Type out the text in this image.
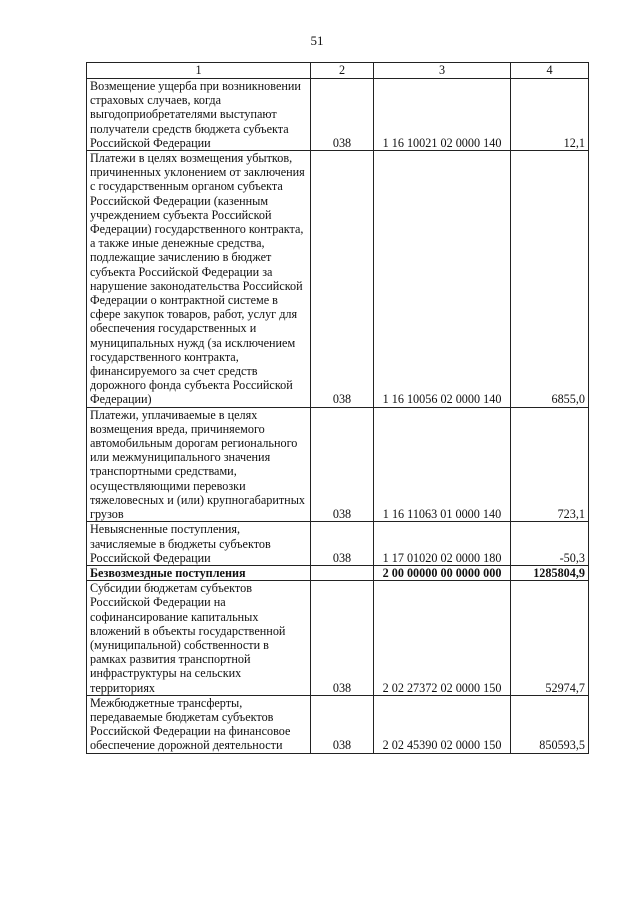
51
1	2	3	4
Возмещение ущерба при возникновении страховых случаев, когда выгодоприобретателями выступают получатели средств бюджета субъекта Российской Федерации	038	1 16 10021 02 0000 140	12,1
Платежи в целях возмещения убытков, причиненных уклонением от заключения с государственным органом субъекта Российской Федерации (казенным учреждением субъекта Российской Федерации) государственного контракта, а также иные денежные средства, подлежащие зачислению в бюджет субъекта Российской Федерации за нарушение законодательства Российской Федерации о контрактной системе в сфере закупок товаров, работ, услуг для обеспечения государственных и муниципальных нужд (за исключением государственного контракта, финансируемого за счет средств дорожного фонда субъекта Российской Федерации)	038	1 16 10056 02 0000 140	6855,0
Платежи, уплачиваемые в целях возмещения вреда, причиняемого автомобильным дорогам регионального или межмуниципального значения транспортными средствами, осуществляющими перевозки тяжеловесных и (или) крупногабаритных грузов	038	1 16 11063 01 0000 140	723,1
Невыясненные поступления, зачисляемые в бюджеты субъектов Российской Федерации	038	1 17 01020 02 0000 180	-50,3
Безвозмездные поступления		2 00 00000 00 0000 000	1285804,9
Субсидии бюджетам субъектов Российской Федерации на софинансирование капитальных вложений в объекты государственной (муниципальной) собственности в рамках развития транспортной инфраструктуры на сельских территориях	038	2 02 27372 02 0000 150	52974,7
Межбюджетные трансферты, передаваемые бюджетам субъектов Российской Федерации на финансовое обеспечение дорожной деятельности	038	2 02 45390 02 0000 150	850593,5
